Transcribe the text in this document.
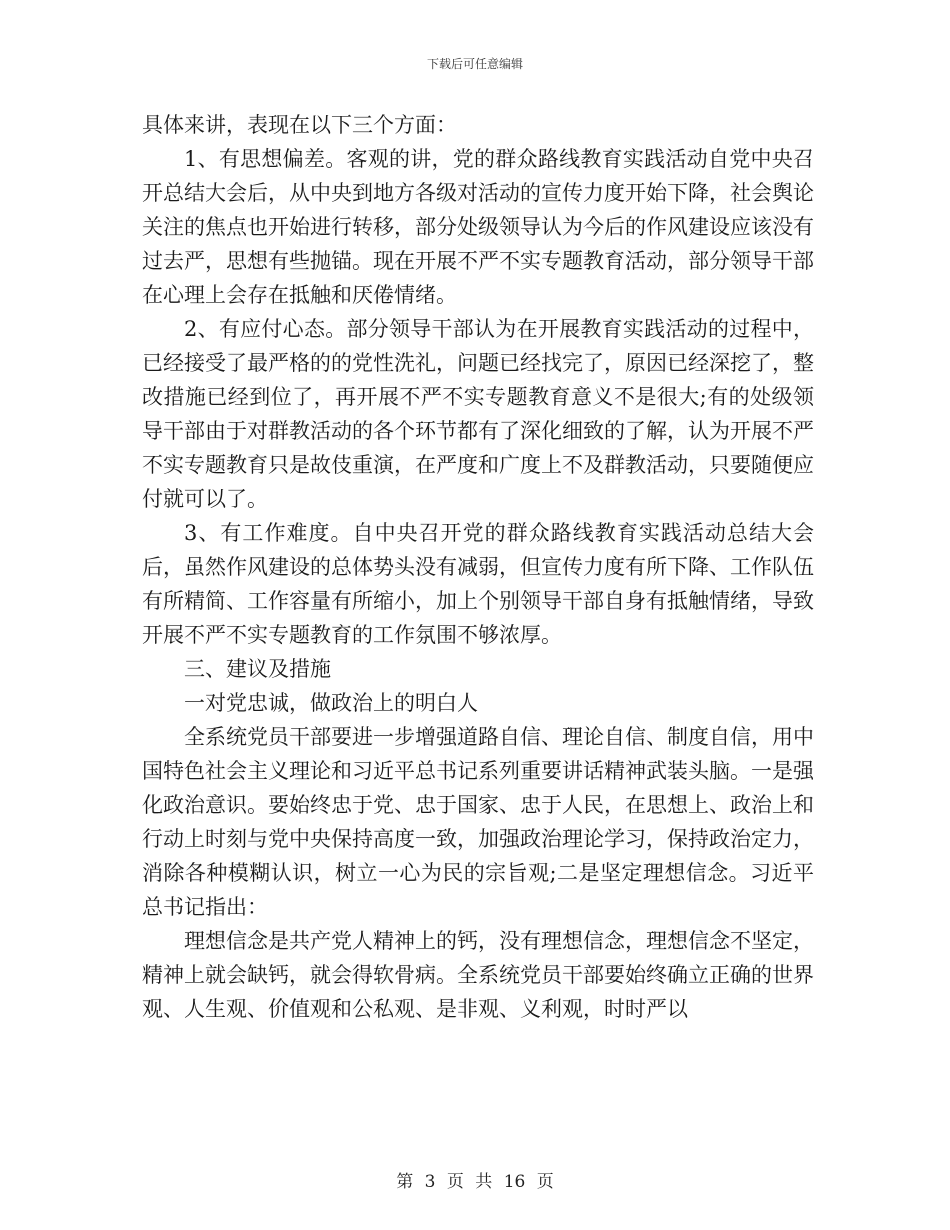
下载后可任意编辑

具体来讲，表现在以下三个方面：

1、有思想偏差。客观的讲，党的群众路线教育实践活动自党中央召开总结大会后，从中央到地方各级对活动的宣传力度开始下降，社会舆论关注的焦点也开始进行转移，部分处级领导认为今后的作风建设应该没有过去严，思想有些抛锚。现在开展不严不实专题教育活动，部分领导干部在心理上会存在抵触和厌倦情绪。

2、有应付心态。部分领导干部认为在开展教育实践活动的过程中，已经接受了最严格的的党性洗礼，问题已经找完了，原因已经深挖了，整改措施已经到位了，再开展不严不实专题教育意义不是很大;有的处级领导干部由于对群教活动的各个环节都有了深化细致的了解，认为开展不严不实专题教育只是故伎重演，在严度和广度上不及群教活动，只要随便应付就可以了。

3、有工作难度。自中央召开党的群众路线教育实践活动总结大会后，虽然作风建设的总体势头没有减弱，但宣传力度有所下降、工作队伍有所精简、工作容量有所缩小，加上个别领导干部自身有抵触情绪，导致开展不严不实专题教育的工作氛围不够浓厚。

三、建议及措施

一对党忠诚，做政治上的明白人

全系统党员干部要进一步增强道路自信、理论自信、制度自信，用中国特色社会主义理论和习近平总书记系列重要讲话精神武装头脑。一是强化政治意识。要始终忠于党、忠于国家、忠于人民，在思想上、政治上和行动上时刻与党中央保持高度一致，加强政治理论学习，保持政治定力，消除各种模糊认识，树立一心为民的宗旨观;二是坚定理想信念。习近平总书记指出：

理想信念是共产党人精神上的钙，没有理想信念，理想信念不坚定，精神上就会缺钙，就会得软骨病。全系统党员干部要始终确立正确的世界观、人生观、价值观和公私观、是非观、义利观，时时严以

第 3 页 共 16 页
